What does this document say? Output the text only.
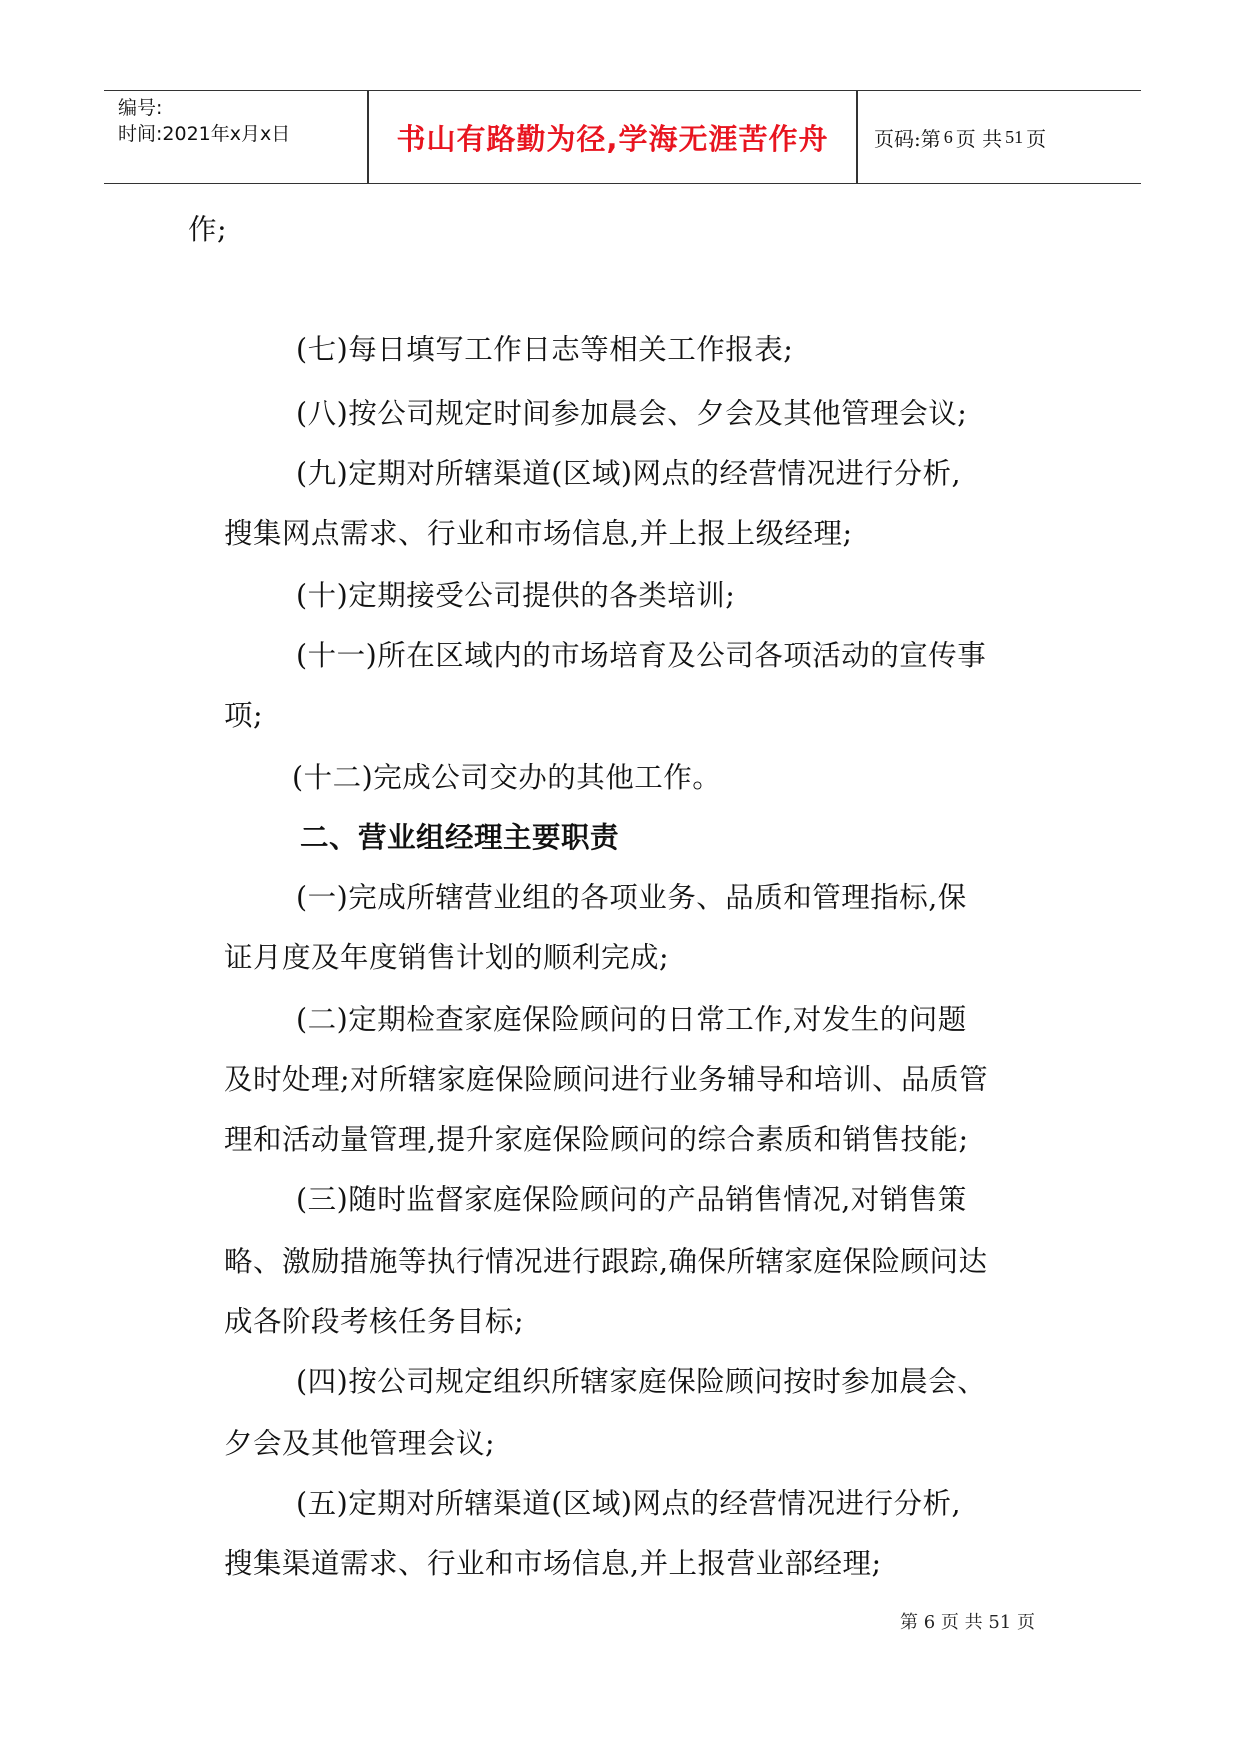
编号:
时间:2021年x月x日	书山有路勤为径,学海无涯苦作舟	页码:第 6 页 共 51 页
作;
(七)每日填写工作日志等相关工作报表;
(八)按公司规定时间参加晨会、夕会及其他管理会议;
(九)定期对所辖渠道(区域)网点的经营情况进行分析,
搜集网点需求、行业和市场信息,并上报上级经理;
(十)定期接受公司提供的各类培训;
(十一)所在区域内的市场培育及公司各项活动的宣传事
项;
(十二)完成公司交办的其他工作。
二、营业组经理主要职责
(一)完成所辖营业组的各项业务、品质和管理指标,保
证月度及年度销售计划的顺利完成;
(二)定期检查家庭保险顾问的日常工作,对发生的问题
及时处理;对所辖家庭保险顾问进行业务辅导和培训、品质管
理和活动量管理,提升家庭保险顾问的综合素质和销售技能;
(三)随时监督家庭保险顾问的产品销售情况,对销售策
略、激励措施等执行情况进行跟踪,确保所辖家庭保险顾问达
成各阶段考核任务目标;
(四)按公司规定组织所辖家庭保险顾问按时参加晨会、
夕会及其他管理会议;
(五)定期对所辖渠道(区域)网点的经营情况进行分析,
搜集渠道需求、行业和市场信息,并上报营业部经理;
第 6 页 共 51 页
